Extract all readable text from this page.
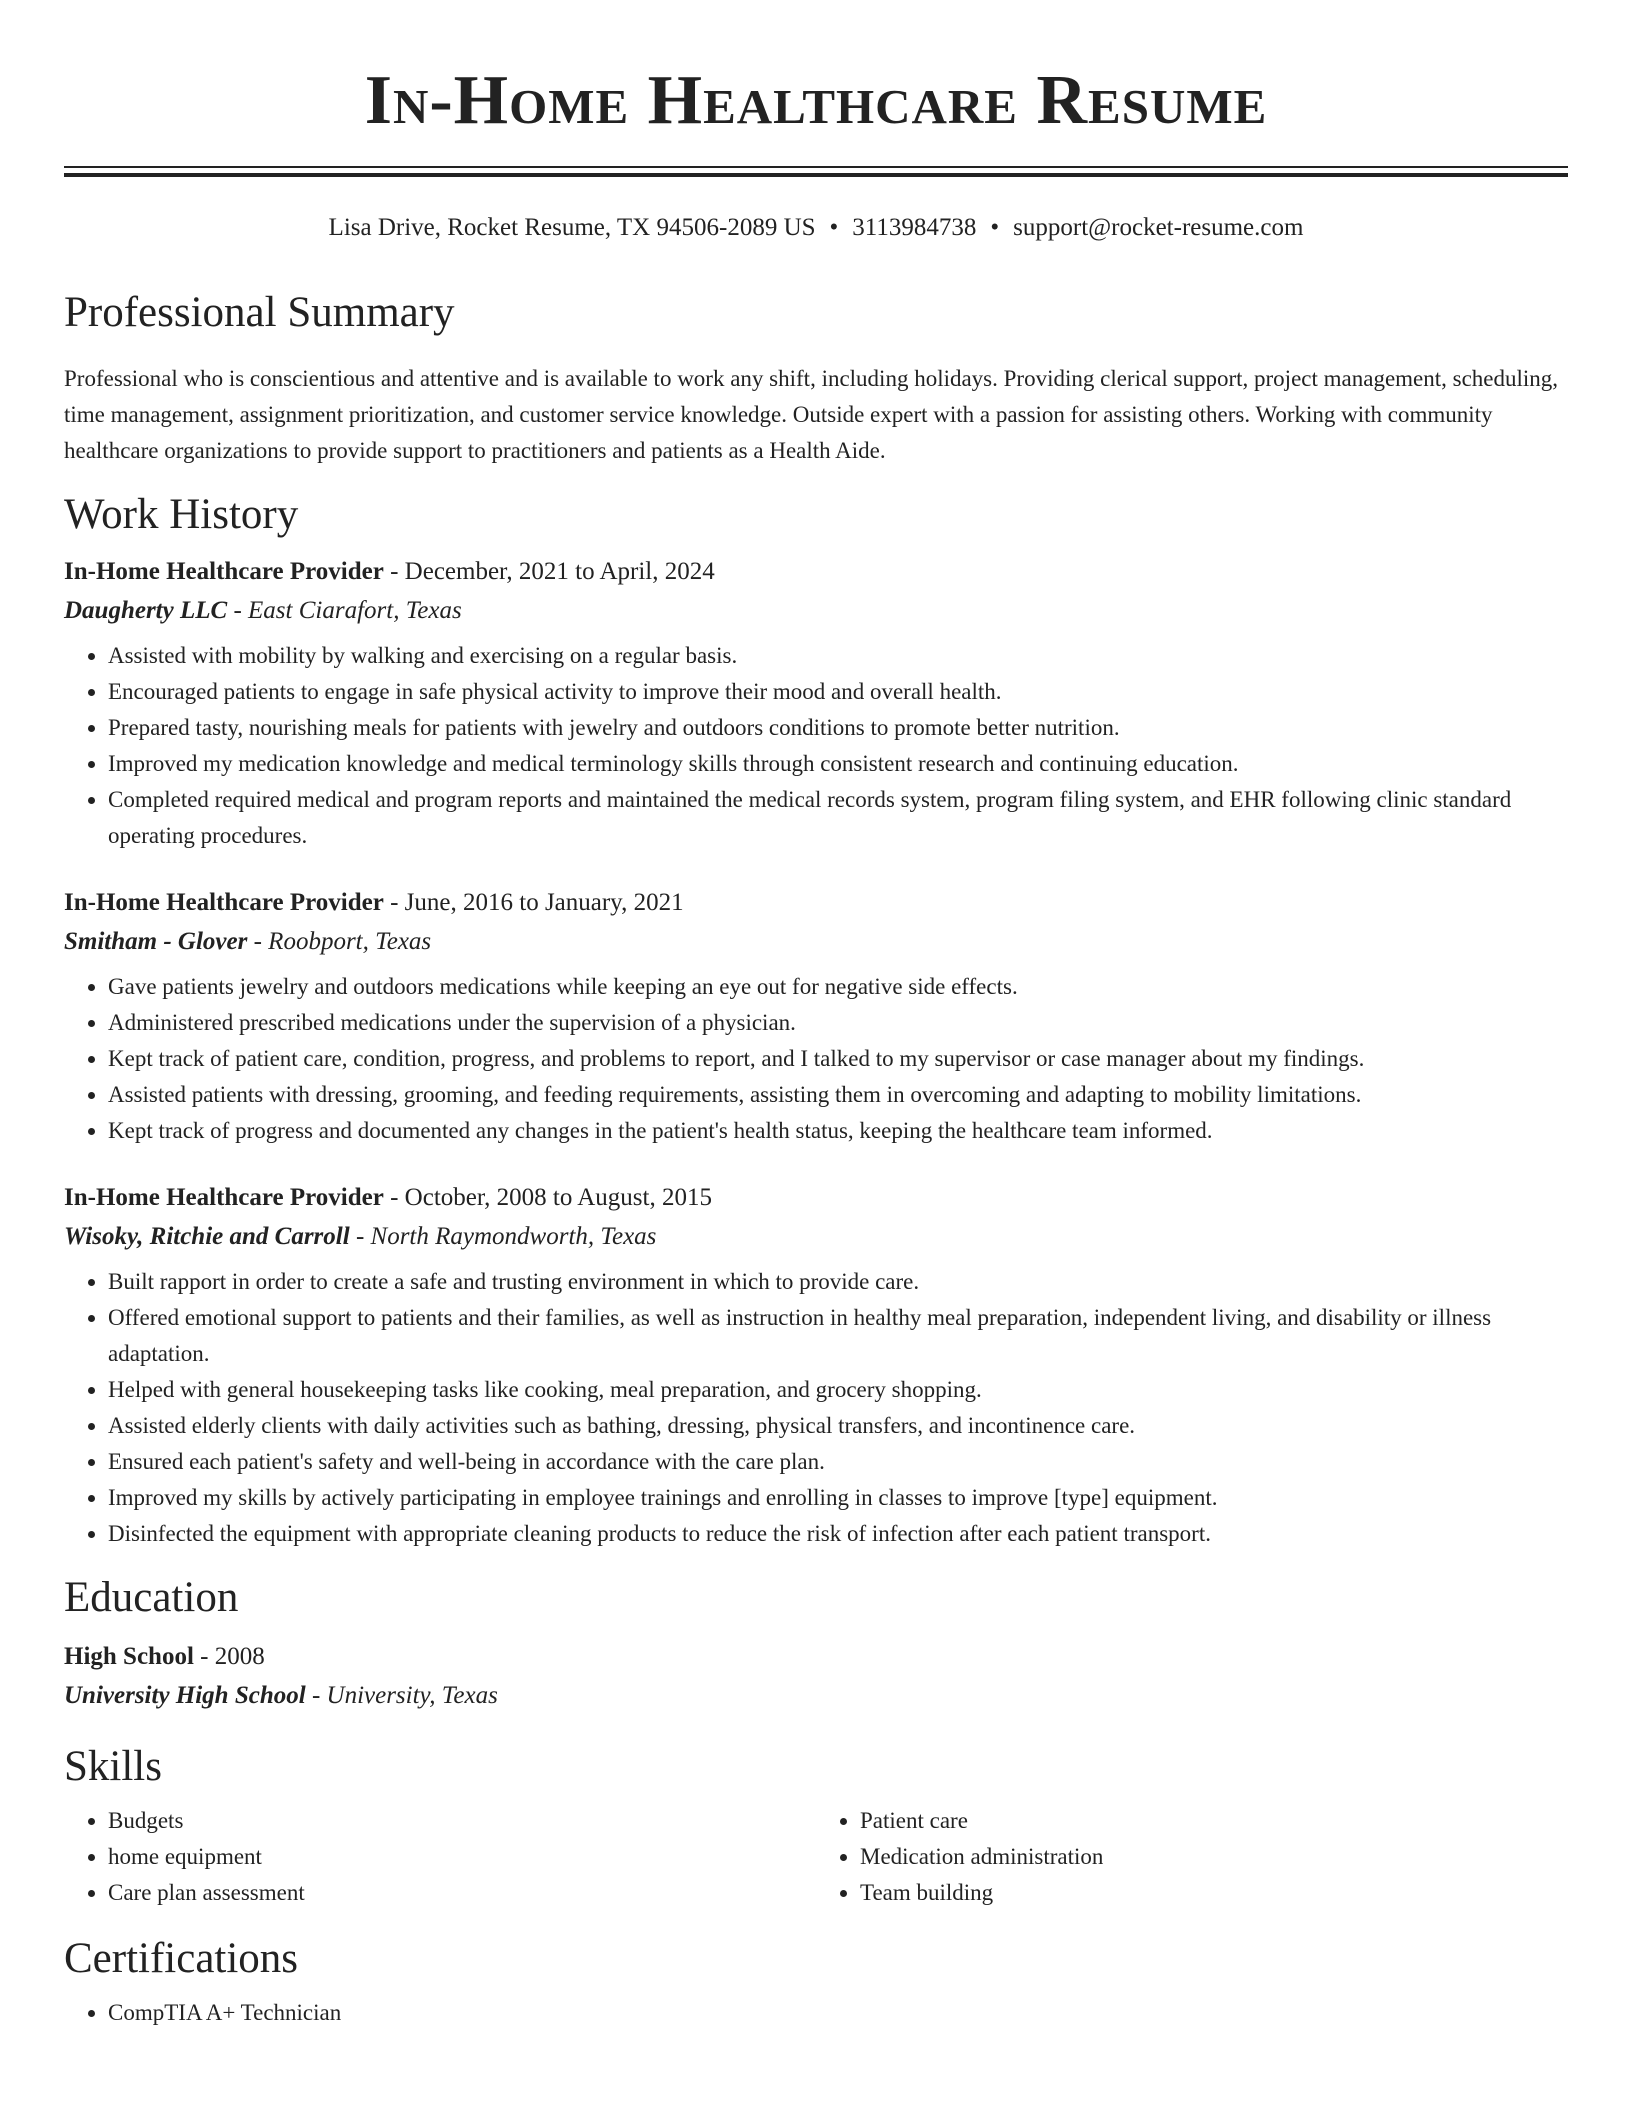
In-Home Healthcare Resume
Lisa Drive, Rocket Resume, TX 94506-2089 US • 3113984738 • support@rocket-resume.com
Professional Summary
Professional who is conscientious and attentive and is available to work any shift, including holidays. Providing clerical support, project management, scheduling, time management, assignment prioritization, and customer service knowledge. Outside expert with a passion for assisting others. Working with community healthcare organizations to provide support to practitioners and patients as a Health Aide.
Work History
In-Home Healthcare Provider - December, 2021 to April, 2024
Daugherty LLC - East Ciarafort, Texas
• Assisted with mobility by walking and exercising on a regular basis.
• Encouraged patients to engage in safe physical activity to improve their mood and overall health.
• Prepared tasty, nourishing meals for patients with jewelry and outdoors conditions to promote better nutrition.
• Improved my medication knowledge and medical terminology skills through consistent research and continuing education.
• Completed required medical and program reports and maintained the medical records system, program filing system, and EHR following clinic standard operating procedures.
In-Home Healthcare Provider - June, 2016 to January, 2021
Smitham - Glover - Roobport, Texas
• Gave patients jewelry and outdoors medications while keeping an eye out for negative side effects.
• Administered prescribed medications under the supervision of a physician.
• Kept track of patient care, condition, progress, and problems to report, and I talked to my supervisor or case manager about my findings.
• Assisted patients with dressing, grooming, and feeding requirements, assisting them in overcoming and adapting to mobility limitations.
• Kept track of progress and documented any changes in the patient's health status, keeping the healthcare team informed.
In-Home Healthcare Provider - October, 2008 to August, 2015
Wisoky, Ritchie and Carroll - North Raymondworth, Texas
• Built rapport in order to create a safe and trusting environment in which to provide care.
• Offered emotional support to patients and their families, as well as instruction in healthy meal preparation, independent living, and disability or illness adaptation.
• Helped with general housekeeping tasks like cooking, meal preparation, and grocery shopping.
• Assisted elderly clients with daily activities such as bathing, dressing, physical transfers, and incontinence care.
• Ensured each patient's safety and well-being in accordance with the care plan.
• Improved my skills by actively participating in employee trainings and enrolling in classes to improve [type] equipment.
• Disinfected the equipment with appropriate cleaning products to reduce the risk of infection after each patient transport.
Education
High School - 2008
University High School - University, Texas
Skills
• Budgets
• home equipment
• Care plan assessment
• Patient care
• Medication administration
• Team building
Certifications
• CompTIA A+ Technician
